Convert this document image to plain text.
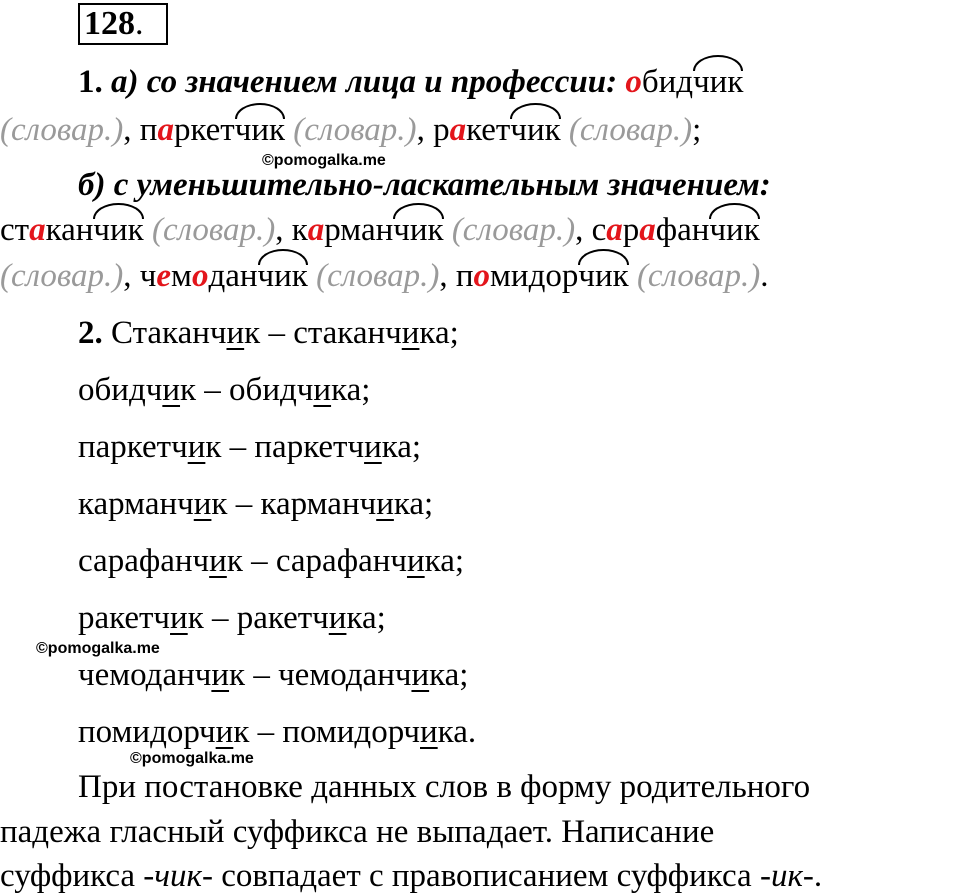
128.
1. а) со значением лица и профессии: обидчик
(словар.), паркетчик (словар.), ракетчик (словар.);
©pomogalka.me
б) с уменьшительно-ласкательным значением:
стаканчик (словар.), карманчик (словар.), сарафанчик
(словар.), чемоданчик (словар.), помидорчик (словар.).
2. Стаканчик – стаканчика;
обидчик – обидчика;
паркетчик – паркетчика;
карманчик – карманчика;
сарафанчик – сарафанчика;
ракетчик – ракетчика;
©pomogalka.me
чемоданчик – чемоданчика;
помидорчик – помидорчика.
©pomogalka.me
При постановке данных слов в форму родительного
падежа гласный суффикса не выпадает. Написание
суффикса -чик- совпадает с правописанием суффикса -ик-.
